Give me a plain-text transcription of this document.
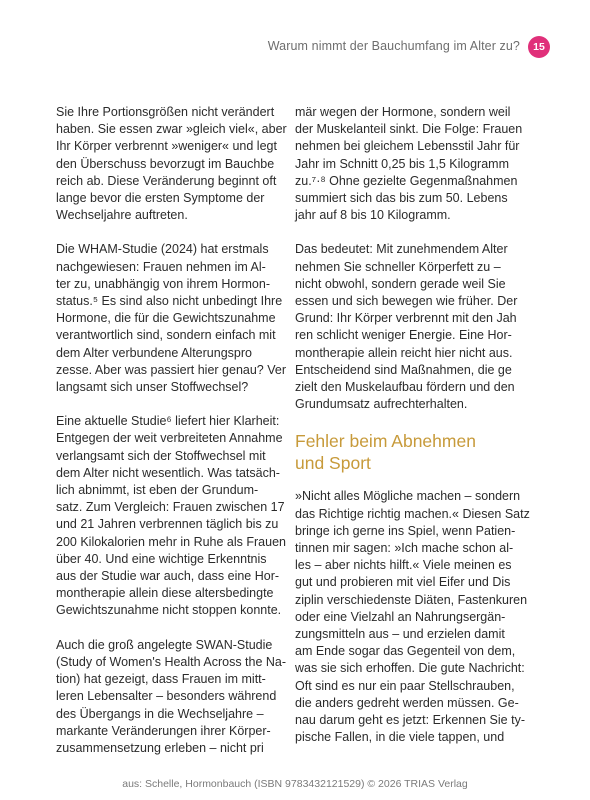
Warum nimmt der Bauchumfang im Alter zu?	15

Sie Ihre Portionsgrößen nicht verändert
haben. Sie essen zwar »gleich viel«, aber
Ihr Körper verbrennt »weniger« und legt
den Überschuss bevorzugt im Bauchbe
reich ab. Diese Veränderung beginnt oft
lange bevor die ersten Symptome der
Wechseljahre auftreten.

Die WHAM-Studie (2024) hat erstmals
nachgewiesen: Frauen nehmen im Al-
ter zu, unabhängig von ihrem Hormon-
status.⁵ Es sind also nicht unbedingt Ihre
Hormone, die für die Gewichtszunahme
verantwortlich sind, sondern einfach mit
dem Alter verbundene Alterungspro
zesse. Aber was passiert hier genau? Ver
langsamt sich unser Stoffwechsel?

Eine aktuelle Studie⁶ liefert hier Klarheit:
Entgegen der weit verbreiteten Annahme
verlangsamt sich der Stoffwechsel mit
dem Alter nicht wesentlich. Was tatsäch-
lich abnimmt, ist eben der Grundum-
satz. Zum Vergleich: Frauen zwischen 17
und 21 Jahren verbrennen täglich bis zu
200 Kilokalorien mehr in Ruhe als Frauen
über 40. Und eine wichtige Erkenntnis
aus der Studie war auch, dass eine Hor-
montherapie allein diese altersbedingte
Gewichtszunahme nicht stoppen konnte.

Auch die groß angelegte SWAN-Studie
(Study of Women's Health Across the Na-
tion) hat gezeigt, dass Frauen im mitt-
leren Lebensalter – besonders während
des Übergangs in die Wechseljahre –
markante Veränderungen ihrer Körper-
zusammensetzung erleben – nicht pri

mär wegen der Hormone, sondern weil
der Muskelanteil sinkt. Die Folge: Frauen
nehmen bei gleichem Lebensstil Jahr für
Jahr im Schnitt 0,25 bis 1,5 Kilogramm
zu.⁷·⁸ Ohne gezielte Gegenmaßnahmen
summiert sich das bis zum 50. Lebens
jahr auf 8 bis 10 Kilogramm.

Das bedeutet: Mit zunehmendem Alter
nehmen Sie schneller Körperfett zu –
nicht obwohl, sondern gerade weil Sie
essen und sich bewegen wie früher. Der
Grund: Ihr Körper verbrennt mit den Jah
ren schlicht weniger Energie. Eine Hor-
montherapie allein reicht hier nicht aus.
Entscheidend sind Maßnahmen, die ge
zielt den Muskelaufbau fördern und den
Grundumsatz aufrechterhalten.

Fehler beim Abnehmen
und Sport

»Nicht alles Mögliche machen – sondern
das Richtige richtig machen.« Diesen Satz
bringe ich gerne ins Spiel, wenn Patien-
tinnen mir sagen: »Ich mache schon al-
les – aber nichts hilft.« Viele meinen es
gut und probieren mit viel Eifer und Dis
ziplin verschiedenste Diäten, Fastenkuren
oder eine Vielzahl an Nahrungsergän-
zungsmitteln aus – und erzielen damit
am Ende sogar das Gegenteil von dem,
was sie sich erhoffen. Die gute Nachricht:
Oft sind es nur ein paar Stellschrauben,
die anders gedreht werden müssen. Ge-
nau darum geht es jetzt: Erkennen Sie ty-
pische Fallen, in die viele tappen, und

aus: Schelle, Hormonbauch (ISBN 9783432121529) © 2026 TRIAS Verlag
